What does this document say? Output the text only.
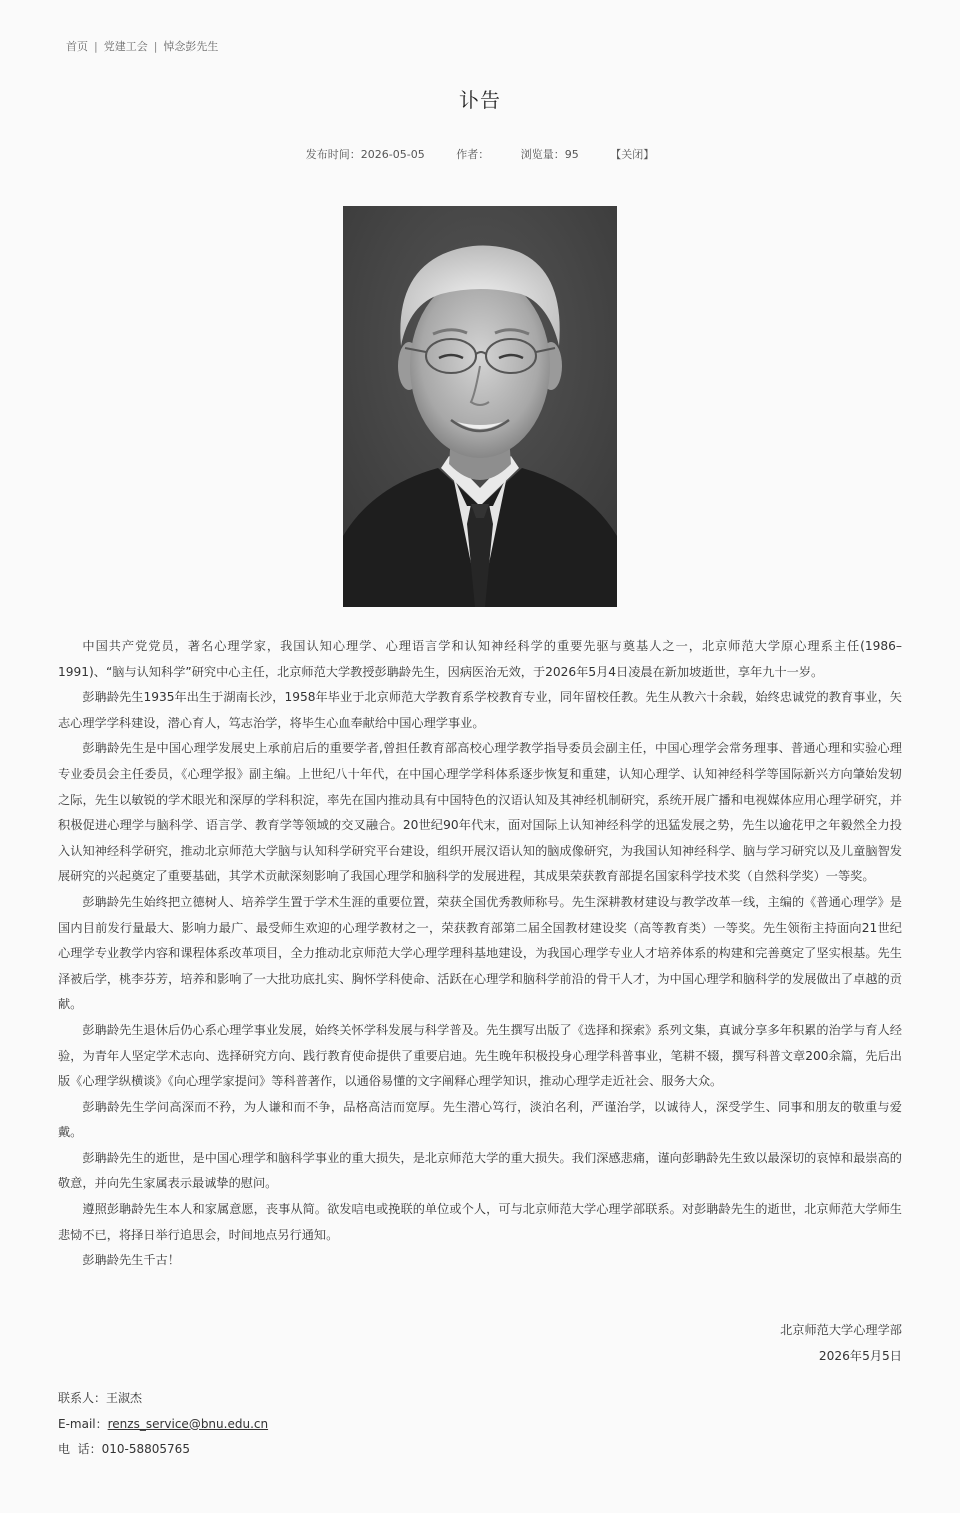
首页 | 党建工会 | 悼念彭先生
讣告
发布时间：2026-05-05	作者：	浏览量：95	【关闭】

中国共产党党员，著名心理学家，我国认知心理学、心理语言学和认知神经科学的重要先驱与奠基人之一，北京师范大学原心理系主任(1986–1991)、“脑与认知科学”研究中心主任，北京师范大学教授彭聃龄先生，因病医治无效，于2026年5月4日凌晨在新加坡逝世，享年九十一岁。

彭聃龄先生1935年出生于湖南长沙，1958年毕业于北京师范大学教育系学校教育专业，同年留校任教。先生从教六十余载，始终忠诚党的教育事业，矢志心理学学科建设，潜心育人，笃志治学，将毕生心血奉献给中国心理学事业。

彭聃龄先生是中国心理学发展史上承前启后的重要学者,曾担任教育部高校心理学教学指导委员会副主任，中国心理学会常务理事、普通心理和实验心理专业委员会主任委员，《心理学报》副主编。上世纪八十年代，在中国心理学学科体系逐步恢复和重建，认知心理学、认知神经科学等国际新兴方向肇始发轫之际，先生以敏锐的学术眼光和深厚的学科积淀，率先在国内推动具有中国特色的汉语认知及其神经机制研究，系统开展广播和电视媒体应用心理学研究，并积极促进心理学与脑科学、语言学、教育学等领域的交叉融合。20世纪90年代末，面对国际上认知神经科学的迅猛发展之势，先生以逾花甲之年毅然全力投入认知神经科学研究，推动北京师范大学脑与认知科学研究平台建设，组织开展汉语认知的脑成像研究，为我国认知神经科学、脑与学习研究以及儿童脑智发展研究的兴起奠定了重要基础，其学术贡献深刻影响了我国心理学和脑科学的发展进程，其成果荣获教育部提名国家科学技术奖（自然科学奖）一等奖。

彭聃龄先生始终把立德树人、培养学生置于学术生涯的重要位置，荣获全国优秀教师称号。先生深耕教材建设与教学改革一线，主编的《普通心理学》是国内目前发行量最大、影响力最广、最受师生欢迎的心理学教材之一，荣获教育部第二届全国教材建设奖（高等教育类）一等奖。先生领衔主持面向21世纪心理学专业教学内容和课程体系改革项目，全力推动北京师范大学心理学理科基地建设，为我国心理学专业人才培养体系的构建和完善奠定了坚实根基。先生泽被后学，桃李芬芳，培养和影响了一大批功底扎实、胸怀学科使命、活跃在心理学和脑科学前沿的骨干人才，为中国心理学和脑科学的发展做出了卓越的贡献。

彭聃龄先生退休后仍心系心理学事业发展，始终关怀学科发展与科学普及。先生撰写出版了《选择和探索》系列文集，真诚分享多年积累的治学与育人经验，为青年人坚定学术志向、选择研究方向、践行教育使命提供了重要启迪。先生晚年积极投身心理学科普事业，笔耕不辍，撰写科普文章200余篇，先后出版《心理学纵横谈》《向心理学家提问》等科普著作，以通俗易懂的文字阐释心理学知识，推动心理学走近社会、服务大众。

彭聃龄先生学问高深而不矜，为人谦和而不争，品格高洁而宽厚。先生潜心笃行，淡泊名利，严谨治学，以诚待人，深受学生、同事和朋友的敬重与爱戴。

彭聃龄先生的逝世，是中国心理学和脑科学事业的重大损失，是北京师范大学的重大损失。我们深感悲痛，谨向彭聃龄先生致以最深切的哀悼和最崇高的敬意，并向先生家属表示最诚挚的慰问。

遵照彭聃龄先生本人和家属意愿，丧事从简。欲发唁电或挽联的单位或个人，可与北京师范大学心理学部联系。对彭聃龄先生的逝世，北京师范大学师生悲恸不已，将择日举行追思会，时间地点另行通知。

彭聃龄先生千古！

北京师范大学心理学部
2026年5月5日
联系人：王淑杰
E-mail：renzs_service@bnu.edu.cn
电  话：010-58805765
